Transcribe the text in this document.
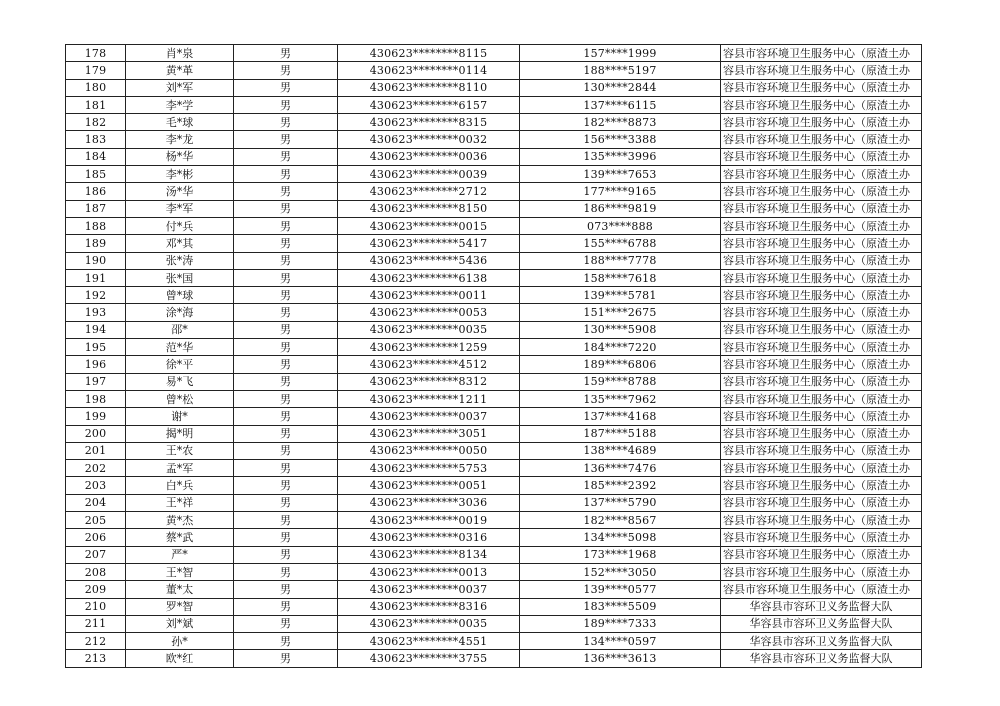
178	肖*泉	男	430623********8115	157****1999	容县市容环境卫生服务中心（原渣土办
179	黄*革	男	430623********0114	188****5197	容县市容环境卫生服务中心（原渣土办
180	刘*军	男	430623********8110	130****2844	容县市容环境卫生服务中心（原渣土办
181	李*学	男	430623********6157	137****6115	容县市容环境卫生服务中心（原渣土办
182	毛*球	男	430623********8315	182****8873	容县市容环境卫生服务中心（原渣土办
183	李*龙	男	430623********0032	156****3388	容县市容环境卫生服务中心（原渣土办
184	杨*华	男	430623********0036	135****3996	容县市容环境卫生服务中心（原渣土办
185	李*彬	男	430623********0039	139****7653	容县市容环境卫生服务中心（原渣土办
186	汤*华	男	430623********2712	177****9165	容县市容环境卫生服务中心（原渣土办
187	李*军	男	430623********8150	186****9819	容县市容环境卫生服务中心（原渣土办
188	付*兵	男	430623********0015	073****888	容县市容环境卫生服务中心（原渣土办
189	邓*其	男	430623********5417	155****6788	容县市容环境卫生服务中心（原渣土办
190	张*涛	男	430623********5436	188****7778	容县市容环境卫生服务中心（原渣土办
191	张*国	男	430623********6138	158****7618	容县市容环境卫生服务中心（原渣土办
192	曾*球	男	430623********0011	139****5781	容县市容环境卫生服务中心（原渣土办
193	涂*海	男	430623********0053	151****2675	容县市容环境卫生服务中心（原渣土办
194	邵*	男	430623********0035	130****5908	容县市容环境卫生服务中心（原渣土办
195	范*华	男	430623********1259	184****7220	容县市容环境卫生服务中心（原渣土办
196	徐*平	男	430623********4512	189****6806	容县市容环境卫生服务中心（原渣土办
197	易*飞	男	430623********8312	159****8788	容县市容环境卫生服务中心（原渣土办
198	曾*松	男	430623********1211	135****7962	容县市容环境卫生服务中心（原渣土办
199	谢*	男	430623********0037	137****4168	容县市容环境卫生服务中心（原渣土办
200	揭*明	男	430623********3051	187****5188	容县市容环境卫生服务中心（原渣土办
201	王*农	男	430623********0050	138****4689	容县市容环境卫生服务中心（原渣土办
202	孟*军	男	430623********5753	136****7476	容县市容环境卫生服务中心（原渣土办
203	白*兵	男	430623********0051	185****2392	容县市容环境卫生服务中心（原渣土办
204	王*祥	男	430623********3036	137****5790	容县市容环境卫生服务中心（原渣土办
205	黄*杰	男	430623********0019	182****8567	容县市容环境卫生服务中心（原渣土办
206	蔡*武	男	430623********0316	134****5098	容县市容环境卫生服务中心（原渣土办
207	严*	男	430623********8134	173****1968	容县市容环境卫生服务中心（原渣土办
208	王*智	男	430623********0013	152****3050	容县市容环境卫生服务中心（原渣土办
209	董*太	男	430623********0037	139****0577	容县市容环境卫生服务中心（原渣土办
210	罗*智	男	430623********8316	183****5509	华容县市容环卫义务监督大队
211	刘*斌	男	430623********0035	189****7333	华容县市容环卫义务监督大队
212	孙*	男	430623********4551	134****0597	华容县市容环卫义务监督大队
213	欧*红	男	430623********3755	136****3613	华容县市容环卫义务监督大队
